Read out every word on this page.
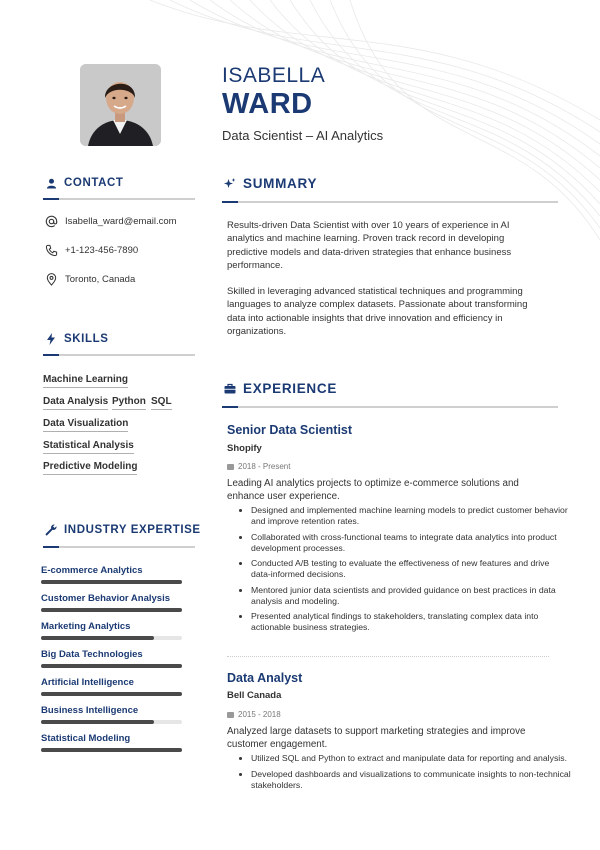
ISABELLA
WARD
Data Scientist – AI Analytics
CONTACT
Isabella_ward@email.com
+1-123-456-7890
Toronto, Canada
SKILLS
Machine Learning
Data Analysis Python SQL
Data Visualization
Statistical Analysis
Predictive Modeling
INDUSTRY EXPERTISE
E-commerce Analytics
Customer Behavior Analysis
Marketing Analytics
Big Data Technologies
Artificial Intelligence
Business Intelligence
Statistical Modeling
SUMMARY
Results-driven Data Scientist with over 10 years of experience in AI analytics and machine learning. Proven track record in developing predictive models and data-driven strategies that enhance business performance.
Skilled in leveraging advanced statistical techniques and programming languages to analyze complex datasets. Passionate about transforming data into actionable insights that drive innovation and efficiency in organizations.
EXPERIENCE
Senior Data Scientist
Shopify
2018 - Present
Leading AI analytics projects to optimize e-commerce solutions and enhance user experience.
• Designed and implemented machine learning models to predict customer behavior and improve retention rates.
• Collaborated with cross-functional teams to integrate data analytics into product development processes.
• Conducted A/B testing to evaluate the effectiveness of new features and drive data-informed decisions.
• Mentored junior data scientists and provided guidance on best practices in data analysis and modeling.
• Presented analytical findings to stakeholders, translating complex data into actionable business strategies.
Data Analyst
Bell Canada
2015 - 2018
Analyzed large datasets to support marketing strategies and improve customer engagement.
• Utilized SQL and Python to extract and manipulate data for reporting and analysis.
• Developed dashboards and visualizations to communicate insights to non-technical stakeholders.
